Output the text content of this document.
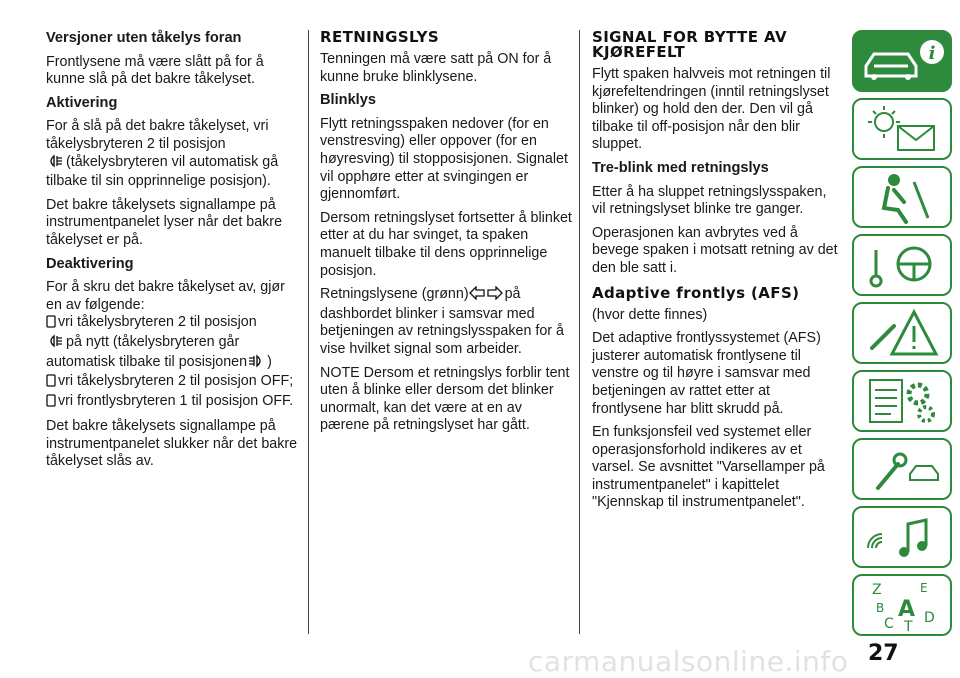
Versjoner uten tåkelys foran

Frontlysene må være slått på for å kunne slå på det bakre tåkelyset.

Aktivering

For å slå på det bakre tåkelyset, vri tåkelysbryteren 2 til posisjon
(tåkelysbryteren vil automatisk gå tilbake til sin opprinnelige posisjon).

Det bakre tåkelysets signallampe på instrumentpanelet lyser når det bakre tåkelyset er på.

Deaktivering

For å skru det bakre tåkelyset av, gjør en av følgende:

vri tåkelysbryteren 2 til posisjon
på nytt (tåkelysbryteren går automatisk tilbake til posisjonen )
vri tåkelysbryteren 2 til posisjon OFF;
vri frontlysbryteren 1 til posisjon OFF.

Det bakre tåkelysets signallampe på instrumentpanelet slukker når det bakre tåkelyset slås av.

RETNINGSLYS

Tenningen må være satt på ON for å kunne bruke blinklysene.

Blinklys

Flytt retningsspaken nedover (for en venstresving) eller oppover (for en høyresving) til stopposisjonen. Signalet vil opphøre etter at svingingen er gjennomført.

Dersom retningslyset fortsetter å blinket etter at du har svinget, ta spaken manuelt tilbake til dens opprinnelige posisjon.

Retningslysene (grønn)	på dashbordet blinker i samsvar med betjeningen av retningslysspaken for å vise hvilket signal som arbeider.

NOTE Dersom et retningslys forblir tent uten å blinke eller dersom det blinker unormalt, kan det være at en av pærene på retningslyset har gått.

SIGNAL FOR BYTTE AV KJØREFELT

Flytt spaken halvveis mot retningen til kjørefeltendringen (inntil retningslyset blinker) og hold den der. Den vil gå tilbake til off-posisjon når den blir sluppet.

Tre-blink med retningslys

Etter å ha sluppet retningslysspaken, vil retningslyset blinke tre ganger.

Operasjonen kan avbrytes ved å bevege spaken i motsatt retning av det den ble satt i.

Adaptive frontlys (AFS)

(hvor dette finnes)

Det adaptive frontlyssystemet (AFS) justerer automatisk frontlysene til venstre og til høyre i samsvar med betjeningen av rattet etter at frontlysene har blitt skrudd på.

En funksjonsfeil ved systemet eller operasjonsforhold indikeres av et varsel. Se avsnittet "Varsellamper på instrumentpanelet" i kapittelet "Kjennskap til instrumentpanelet".

i
Z	E
B A
C T
D
carmanualsonline.info 27
